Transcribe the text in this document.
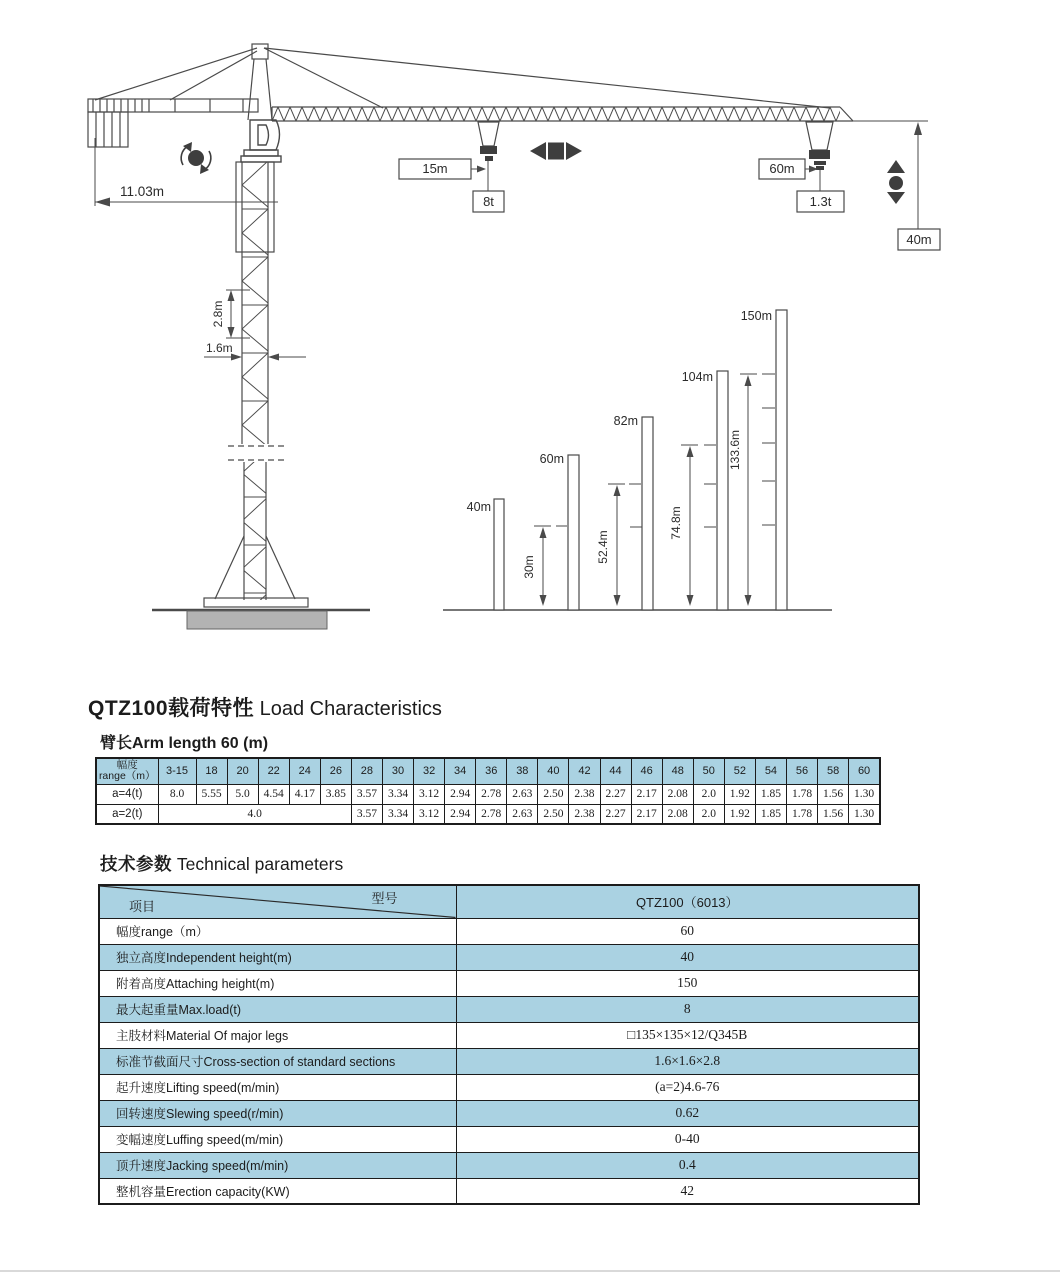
11.03m
2.8m
1.6m
15m
8t
60m
1.3t
40m
40m
60m
82m
104m
150m
30m
52.4m
74.8m
133.6m
QTZ100载荷特性 Load Characteristics
臂长Arm length 60 (m)
技术参数 Technical parameters
幅度
range（m）	3-15	18	20	22	24	26	28	30	32	34	36	38	40	42	44	46	48	50	52	54	56	58	60
a=4(t)	8.0	5.55	5.0	4.54	4.17	3.85	3.57	3.34	3.12	2.94	2.78	2.63	2.50	2.38	2.27	2.17	2.08	2.0	1.92	1.85	1.78	1.56	1.30
a=2(t)	4.0						3.57	3.34	3.12	2.94	2.78	2.63	2.50	2.38	2.27	2.17	2.08	2.0	1.92	1.85	1.78	1.56	1.30
项目 型号	QTZ100（6013）
幅度range（m）	60
独立高度Independent height(m)	40
附着高度Attaching height(m)	150
最大起重量Max.load(t)	8
主肢材料Material Of major legs	□135×135×12/Q345B
标准节截面尺寸Cross-section of standard sections	1.6×1.6×2.8
起升速度Lifting speed(m/min)	(a=2)4.6-76
回转速度Slewing speed(r/min)	0.62
变幅速度Luffing speed(m/min)	0-40
顶升速度Jacking speed(m/min)	0.4
整机容量Erection capacity(KW)	42
